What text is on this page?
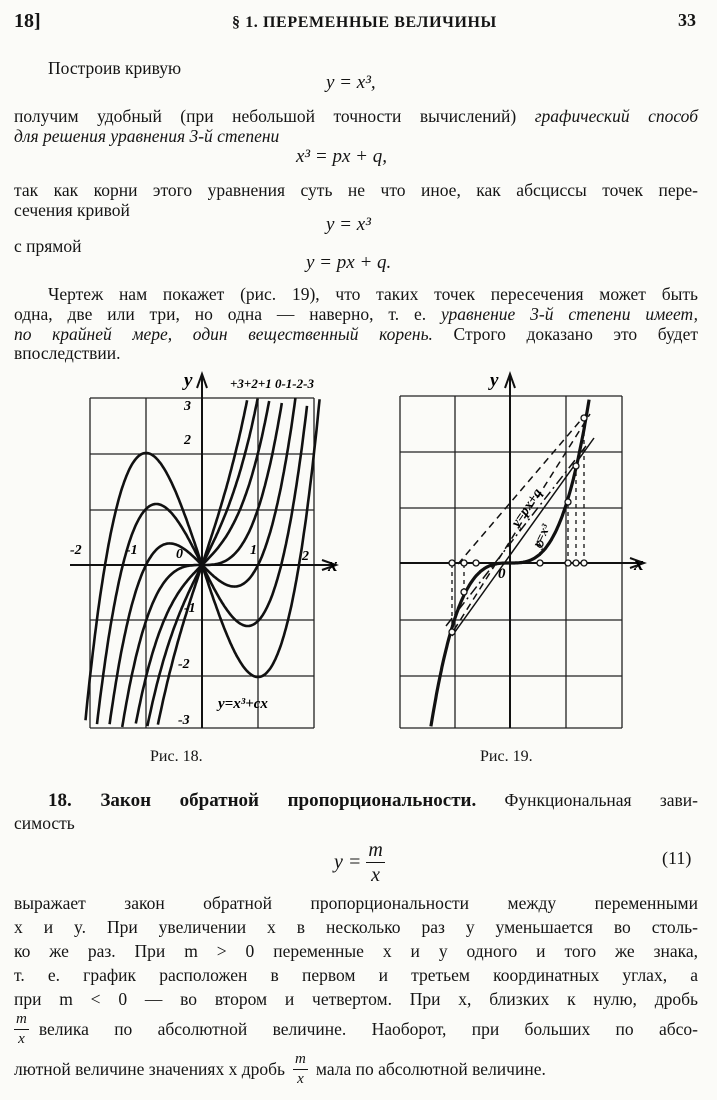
18]	§ 1. ПЕРЕМЕННЫЕ ВЕЛИЧИНЫ	33
Построив кривую
y = x³,
получим удобный (при небольшой точности вычислений) графический способ
для решения уравнения 3-й степени
x³ = px + q,
так как корни этого уравнения суть не что иное, как абсциссы точек пере-
сечения кривой
y = x³
с прямой
y = px + q.
Чертеж нам покажет (рис. 19), что таких точек пересечения может быть
одна, две или три, но одна — наверно, т. е. уравнение 3-й степени имеет,
по крайней мере, один вещественный корень. Строго доказано это будет
впоследствии.
y
x
+3+2+1 0-1-2-3
-2	-1	0	1	2
3
2
-1
-2
-3
y=x³+cx
Рис. 18.
y
x
0
y=px+q
y=x³
Рис. 19.
18. Закон обратной пропорциональности. Функциональная зави-
симость
$y = \frac{m}{x}$	(11)
выражает закон обратной пропорциональности между переменными
x и y. При увеличении x в несколько раз y уменьшается во столь-
ко же раз. При m > 0 переменные x и y одного и того же знака,
т. е. график расположен в первом и третьем координатных углах, а
при m < 0 — во втором и четвертом. При x, близких к нулю, дробь
$\frac{m}{x}$ велика по абсолютной величине. Наоборот, при больших по абсо-
лютной величине значениях x дробь $\frac{m}{x}$ мала по абсолютной величине.
